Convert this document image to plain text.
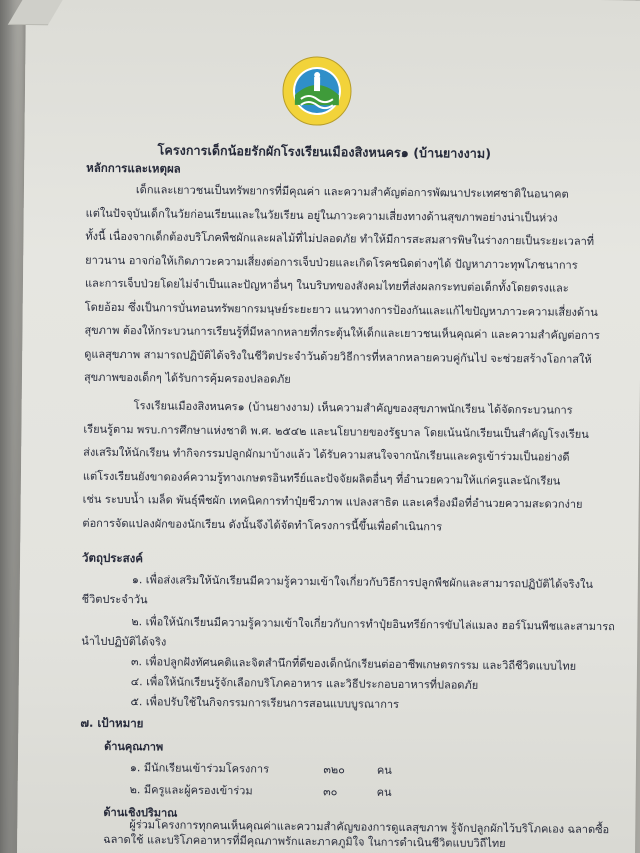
โครงการเด็กน้อยรักผักโรงเรียนเมืองสิงหนคร๑ (บ้านยางงาม)
หลักการและเหตุผล
เด็กและเยาวชนเป็นทรัพยากรที่มีคุณค่า และความสำคัญต่อการพัฒนาประเทศชาติในอนาคต
แต่ในปัจจุบันเด็กในวัยก่อนเรียนและในวัยเรียน อยู่ในภาวะความเสี่ยงทางด้านสุขภาพอย่างน่าเป็นห่วง
ทั้งนี้ เนื่องจากเด็กต้องบริโภคพืชผักและผลไม้ที่ไม่ปลอดภัย ทำให้มีการสะสมสารพิษในร่างกายเป็นระยะเวลาที่
ยาวนาน อาจก่อให้เกิดภาวะความเสี่ยงต่อการเจ็บป่วยและเกิดโรคชนิดต่างๆได้ ปัญหาภาวะทุพโภชนาการ
และการเจ็บป่วยโดยไม่จำเป็นและปัญหาอื่นๆ ในบริบทของสังคมไทยที่ส่งผลกระทบต่อเด็กทั้งโดยตรงและ
โดยอ้อม ซึ่งเป็นการบั่นทอนทรัพยากรมนุษย์ระยะยาว แนวทางการป้องกันและแก้ไขปัญหาภาวะความเสี่ยงด้าน
สุขภาพ ต้องให้กระบวนการเรียนรู้ที่มีหลากหลายที่กระตุ้นให้เด็กและเยาวชนเห็นคุณค่า และความสำคัญต่อการ
ดูแลสุขภาพ สามารถปฏิบัติได้จริงในชีวิตประจำวันด้วยวิธีการที่หลากหลายควบคู่กันไป จะช่วยสร้างโอกาสให้
สุขภาพของเด็กๆ ได้รับการคุ้มครองปลอดภัย
โรงเรียนเมืองสิงหนคร๑ (บ้านยางงาม) เห็นความสำคัญของสุขภาพนักเรียน ได้จัดกระบวนการ
เรียนรู้ตาม พรบ.การศึกษาแห่งชาติ พ.ศ. ๒๕๔๒ และนโยบายของรัฐบาล โดยเน้นนักเรียนเป็นสำคัญโรงเรียน
ส่งเสริมให้นักเรียน ทำกิจกรรมปลูกผักมาบ้างแล้ว ได้รับความสนใจจากนักเรียนและครูเข้าร่วมเป็นอย่างดี
แต่โรงเรียนยังขาดองค์ความรู้ทางเกษตรอินทรีย์และปัจจัยผลิตอื่นๆ ที่อำนวยความให้แก่ครูและนักเรียน
เช่น ระบบน้ำ เมล็ด พันธุ์พืชผัก เทคนิคการทำปุ๋ยชีวภาพ แปลงสาธิต และเครื่องมือที่อำนวยความสะดวกง่าย
ต่อการจัดแปลงผักของนักเรียน ดังนั้นจึงได้จัดทำโครงการนี้ขึ้นเพื่อดำเนินการ
วัตถุประสงค์
๑. เพื่อส่งเสริมให้นักเรียนมีความรู้ความเข้าใจเกี่ยวกับวิธีการปลูกพืชผักและสามารถปฏิบัติได้จริงใน
ชีวิตประจำวัน
๒. เพื่อให้นักเรียนมีความรู้ความเข้าใจเกี่ยวกับการทำปุ๋ยอินทรีย์การขับไล่แมลง ฮอร์โมนพืชและสามารถ
นำไปปฏิบัติได้จริง
๓. เพื่อปลูกฝังทัศนคติและจิตสำนึกที่ดีของเด็กนักเรียนต่ออาชีพเกษตรกรรม และวิถีชีวิตแบบไทย
๔. เพื่อให้นักเรียนรู้จักเลือกบริโภคอาหาร และวิธีประกอบอาหารที่ปลอดภัย
๕. เพื่อปรับใช้ในกิจกรรมการเรียนการสอนแบบบูรณาการ
๗. เป้าหมาย
ด้านคุณภาพ
๑. มีนักเรียนเข้าร่วมโครงการ	๓๒๐	คน
๒. มีครูและผู้ครองเข้าร่วม	๓๐	คน
ด้านเชิงปริมาณ
ผู้ร่วมโครงการทุกคนเห็นคุณค่าและความสำคัญของการดูแลสุขภาพ รู้จักปลูกผักไว้บริโภคเอง ฉลาดซื้อ
ฉลาดใช้ และบริโภคอาหารที่มีคุณภาพรักและภาคภูมิใจ ในการดำเนินชีวิตแบบวิถีไทย
